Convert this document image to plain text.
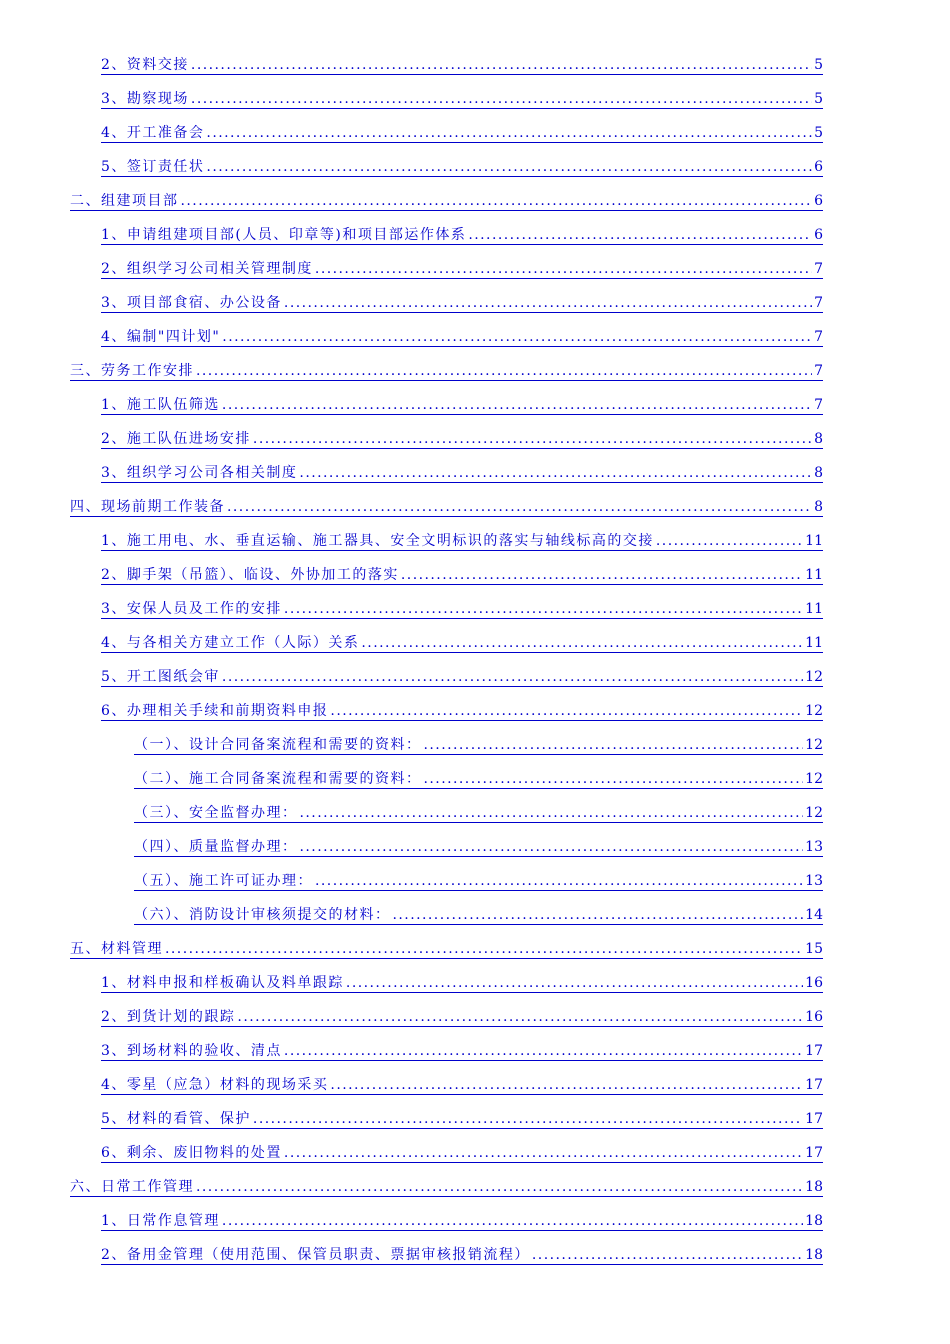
2、资料交接 . . .	5
3、勘察现场 . . .	5
4、开工准备会 . . .	5
5、签订责任状 . . .	6
二、组建项目部 . . .	6
1、申请组建项目部(人员、印章等)和项目部运作体系 . . .	6
2、组织学习公司相关管理制度 . . .	7
3、项目部食宿、办公设备 . . .	7
4、编制"四计划" . . .	7
三、劳务工作安排 . . .	7
1、施工队伍筛选 . . .	7
2、施工队伍进场安排 . . .	8
3、组织学习公司各相关制度 . . .	8
四、现场前期工作装备 . . .	8
1、施工用电、水、垂直运输、施工器具、安全文明标识的落实与轴线标高的交接 . . .	11
2、脚手架（吊篮）、临设、外协加工的落实 . . .	11
3、安保人员及工作的安排 . . .	11
4、与各相关方建立工作（人际）关系 . . .	11
5、开工图纸会审 . . .	12
6、办理相关手续和前期资料申报 . . .	12
（一）、设计合同备案流程和需要的资料： . . .	12
（二）、施工合同备案流程和需要的资料： . . .	12
（三）、安全监督办理： . . .	12
（四）、质量监督办理： . . .	13
（五）、施工许可证办理： . . .	13
（六）、消防设计审核须提交的材料： . . .	14
五、材料管理 . . .	15
1、材料申报和样板确认及料单跟踪 . . .	16
2、到货计划的跟踪 . . .	16
3、到场材料的验收、清点 . . .	17
4、零星（应急）材料的现场采买 . . .	17
5、材料的看管、保护 . . .	17
6、剩余、废旧物料的处置 . . .	17
六、日常工作管理 . . .	18
1、日常作息管理 . . .	18
2、备用金管理（使用范围、保管员职责、票据审核报销流程） . . .	18
